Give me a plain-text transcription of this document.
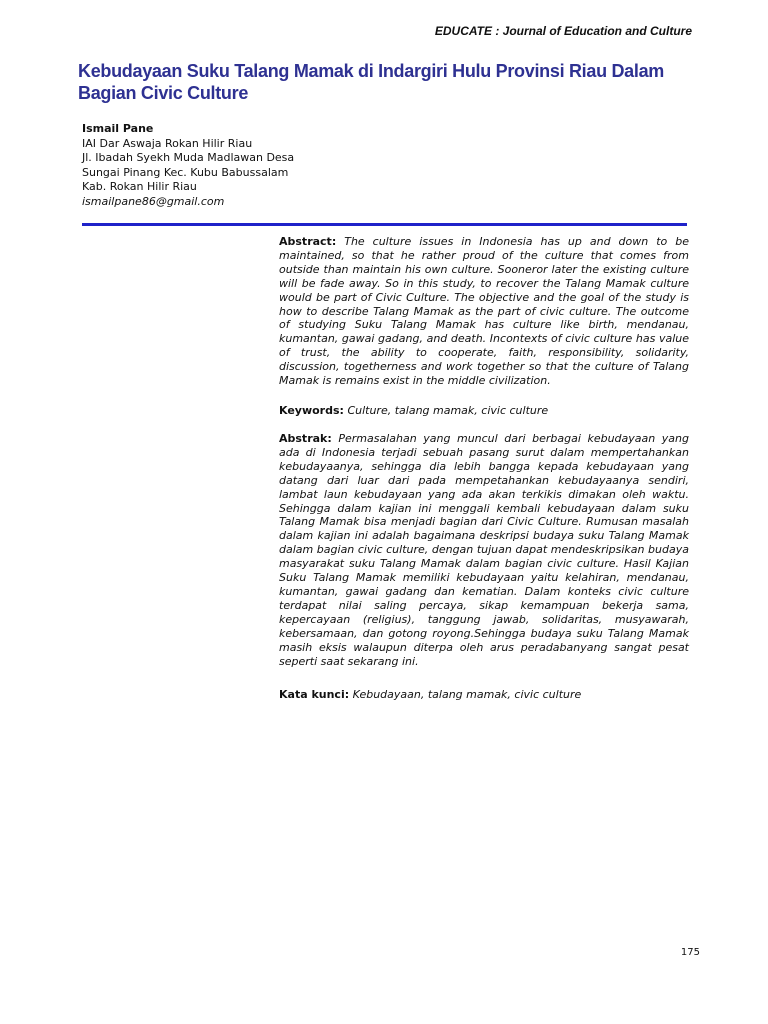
EDUCATE : Journal of Education and Culture
Kebudayaan Suku Talang Mamak di Indargiri Hulu Provinsi Riau Dalam Bagian Civic Culture
Ismail Pane
IAI Dar Aswaja Rokan Hilir Riau
Jl. Ibadah Syekh Muda Madlawan Desa
Sungai Pinang Kec. Kubu Babussalam
Kab. Rokan Hilir Riau
ismailpane86@gmail.com

Abstract: The culture issues in Indonesia has up and down to be maintained, so that he rather proud of the culture that comes from outside than maintain his own culture. Sooneror later the existing culture will be fade away. So in this study, to recover the Talang Mamak culture would be part of Civic Culture. The objective and the goal of the study is how to describe Talang Mamak as the part of civic culture. The outcome of studying Suku Talang Mamak has culture like birth, mendanau, kumantan, gawai gadang, and death. Incontexts of civic culture has value of trust, the ability to cooperate, faith, responsibility, solidarity, discussion, togetherness and work together so that the culture of Talang Mamak is remains exist in the middle civilization.

Keywords: Culture, talang mamak, civic culture

Abstrak: Permasalahan yang muncul dari berbagai kebudayaan yang ada di Indonesia terjadi sebuah pasang surut dalam mempertahankan kebudayaanya, sehingga dia lebih bangga kepada kebudayaan yang datang dari luar dari pada mempetahankan kebudayaanya sendiri, lambat laun kebudayaan yang ada akan terkikis dimakan oleh waktu. Sehingga dalam kajian ini menggali kembali kebudayaan dalam suku Talang Mamak bisa menjadi bagian dari Civic Culture. Rumusan masalah dalam kajian ini adalah bagaimana deskripsi budaya suku Talang Mamak dalam bagian civic culture, dengan tujuan dapat mendeskripsikan budaya masyarakat suku Talang Mamak dalam bagian civic culture. Hasil Kajian Suku Talang Mamak memiliki kebudayaan yaitu kelahiran, mendanau, kumantan, gawai gadang dan kematian. Dalam konteks civic culture terdapat nilai saling percaya, sikap kemampuan bekerja sama, kepercayaan (religius), tanggung jawab, solidaritas, musyawarah, kebersamaan, dan gotong royong.Sehingga budaya suku Talang Mamak masih eksis walaupun diterpa oleh arus peradabanyang sangat pesat seperti saat sekarang ini.

Kata kunci: Kebudayaan, talang mamak, civic culture

175
